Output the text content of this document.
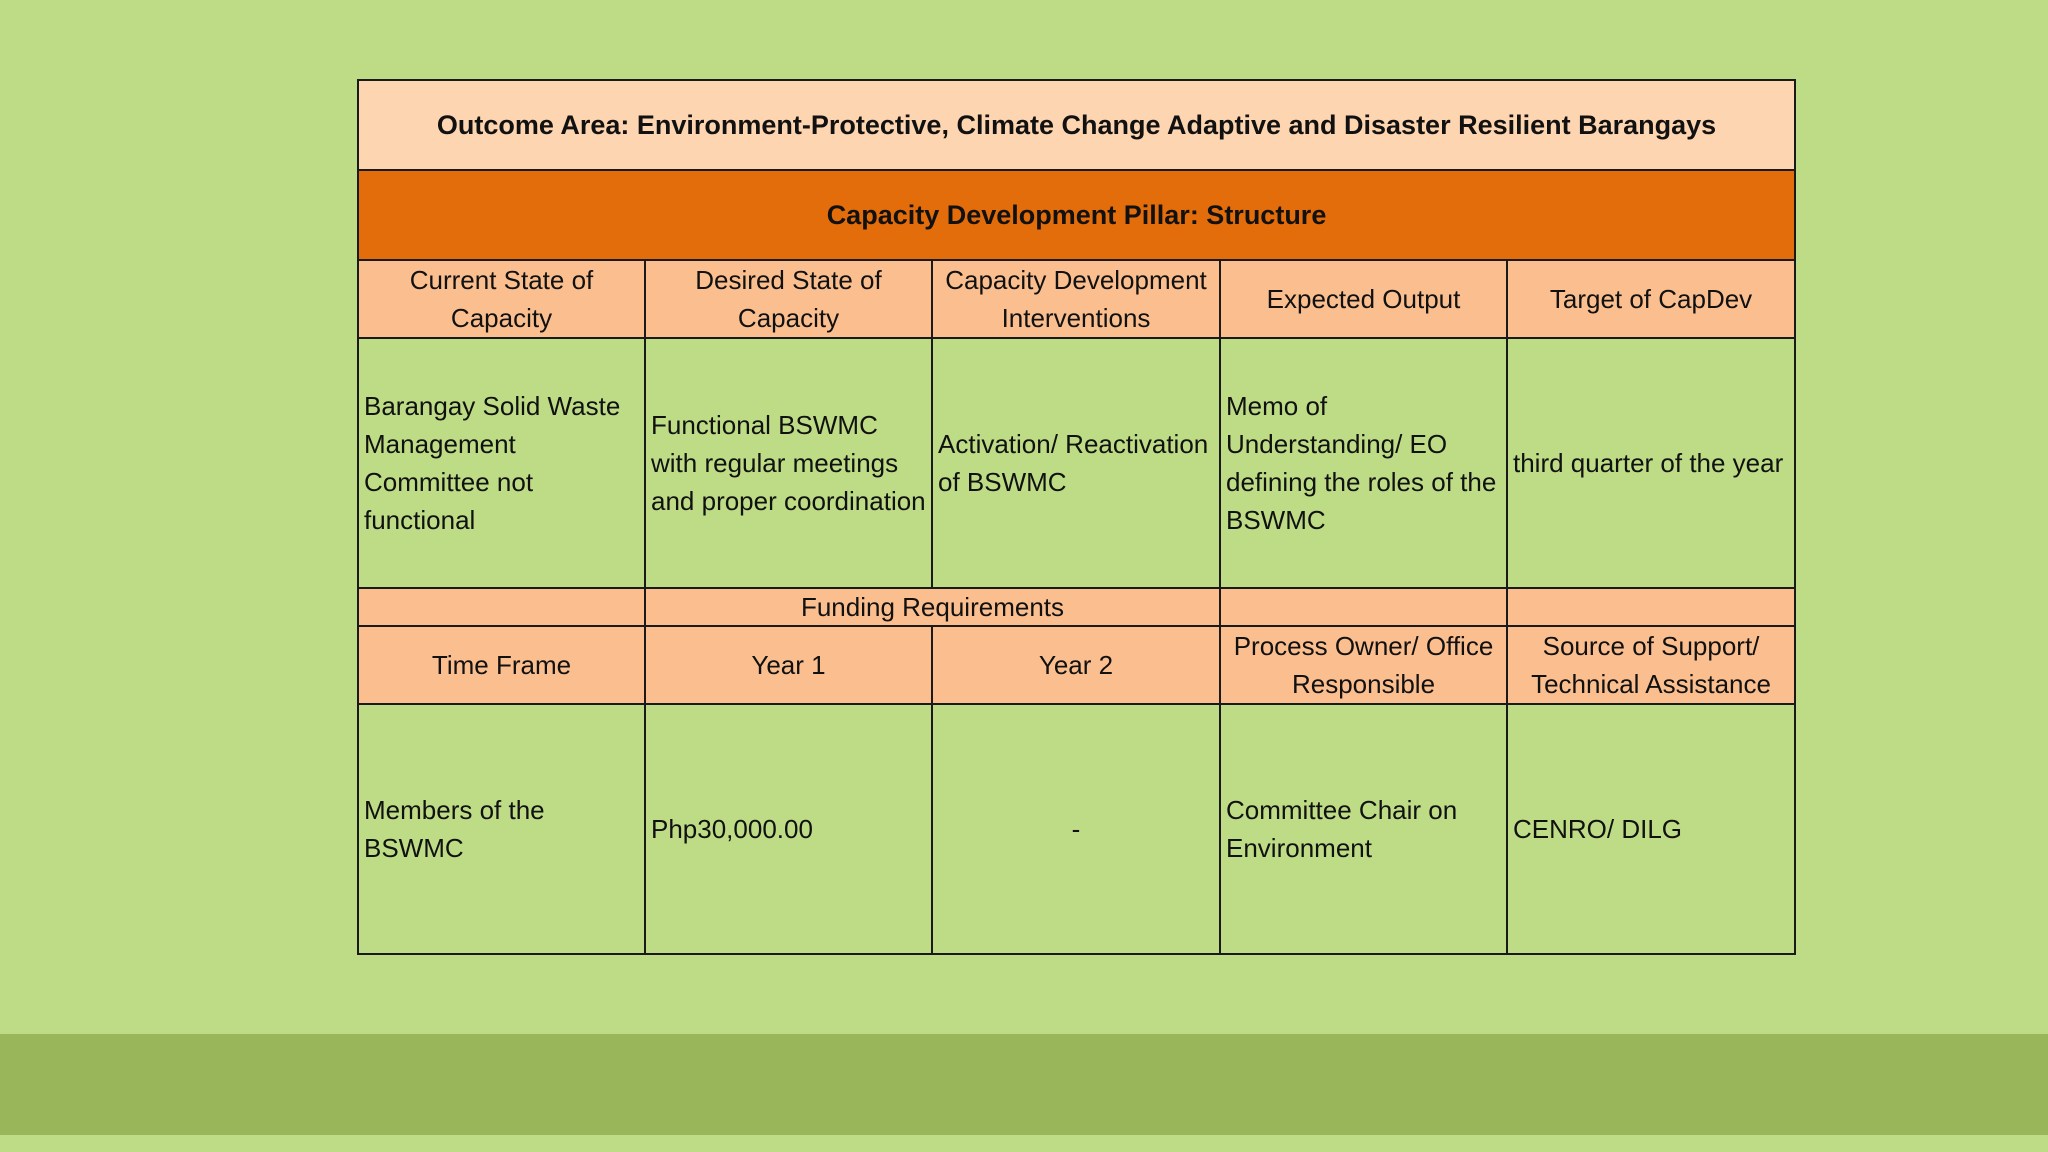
Outcome Area: Environment-Protective, Climate Change Adaptive and Disaster Resilient Barangays				
Capacity Development Pillar: Structure				
Current State of Capacity	Desired State of Capacity	Capacity Development Interventions	Expected Output	Target of CapDev
Barangay Solid Waste Management Committee not functional	Functional BSWMC with regular meetings and proper coordination	Activation/ Reactivation of BSWMC	Memo of Understanding/ EO defining the roles of the BSWMC	third quarter of the year
	Funding Requirements			
Time Frame	Year 1	Year 2	Process Owner/ Office Responsible	Source of Support/ Technical Assistance
Members of the BSWMC	Php30,000.00	-	Committee Chair on Environment	CENRO/ DILG
